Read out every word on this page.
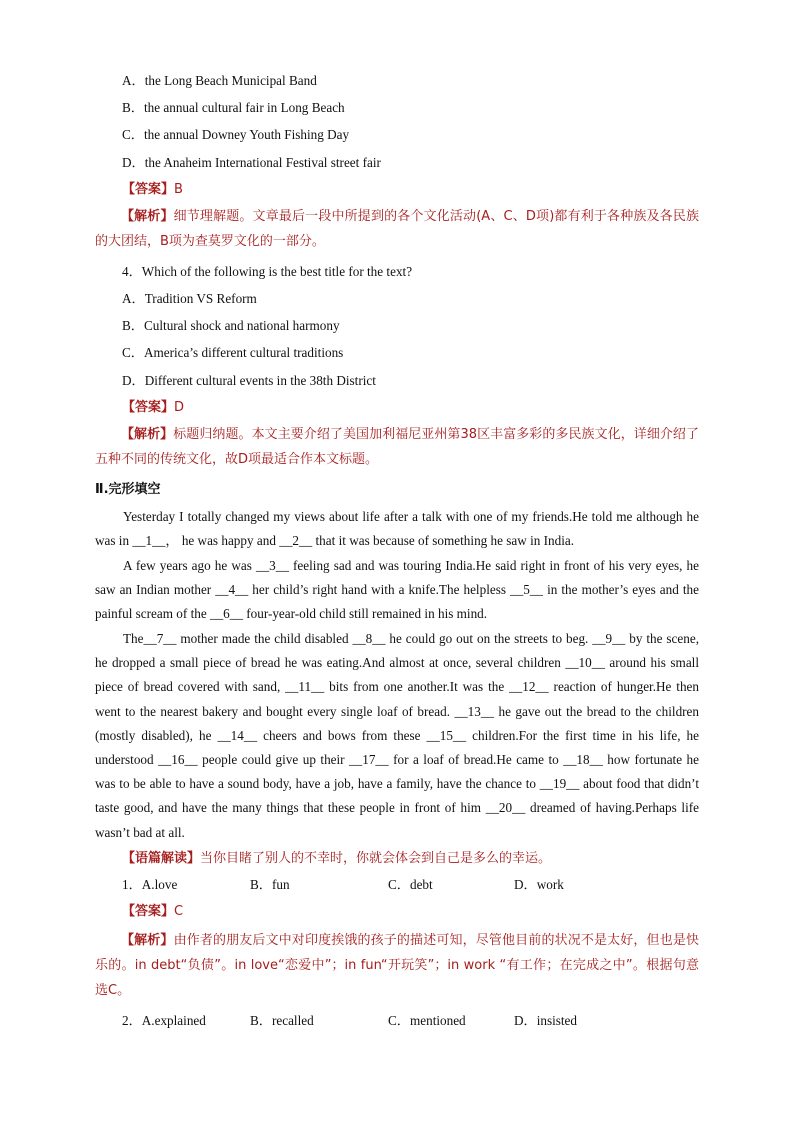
A．the Long Beach Municipal Band
B．the annual cultural fair in Long Beach
C．the annual Downey Youth Fishing Day
D．the Anaheim International Festival street fair
【答案】B
【解析】细节理解题。文章最后一段中所提到的各个文化活动(A、C、D项)都有利于各种族及各民族的大团结，B项为查莫罗文化的一部分。
4．Which of the following is the best title for the text?
A．Tradition VS Reform
B．Cultural shock and national harmony
C．America’s different cultural traditions
D．Different cultural events in the 38th District
【答案】D
【解析】标题归纳题。本文主要介绍了美国加利福尼亚州第38区丰富多彩的多民族文化，详细介绍了五种不同的传统文化，故D项最适合作本文标题。
Ⅱ.完形填空
Yesterday I totally changed my views about life after a talk with one of my friends.He told me although he was in __1__， he was happy and __2__ that it was because of something he saw in India.
A few years ago he was __3__ feeling sad and was touring India.He said right in front of his very eyes, he saw an Indian mother __4__ her child’s right hand with a knife.The helpless __5__ in the mother’s eyes and the painful scream of the __6__ four-year-old child still remained in his mind.
The__7__ mother made the child disabled __8__ he could go out on the streets to beg. __9__ by the scene, he dropped a small piece of bread he was eating.And almost at once, several children __10__ around his small piece of bread covered with sand, __11__ bits from one another.It was the __12__ reaction of hunger.He then went to the nearest bakery and bought every single loaf of bread. __13__ he gave out the bread to the children (mostly disabled), he __14__ cheers and bows from these __15__ children.For the first time in his life, he understood __16__ people could give up their __17__ for a loaf of bread.He came to __18__ how fortunate he was to be able to have a sound body, have a job, have a family, have the chance to __19__ about food that didn’t taste good, and have the many things that these people in front of him __20__ dreamed of having.Perhaps life wasn’t bad at all.
【语篇解读】当你目睹了别人的不幸时，你就会体会到自己是多么的幸运。
1．A.love	B．fun	C．debt	D．work
【答案】C
【解析】由作者的朋友后文中对印度挨饿的孩子的描述可知，尽管他目前的状况不是太好，但也是快乐的。in debt“负债”。in love“恋爱中”；in fun“开玩笑”；in work “有工作；在完成之中”。根据句意选C。
2．A.explained	B．recalled	C．mentioned	D．insisted
